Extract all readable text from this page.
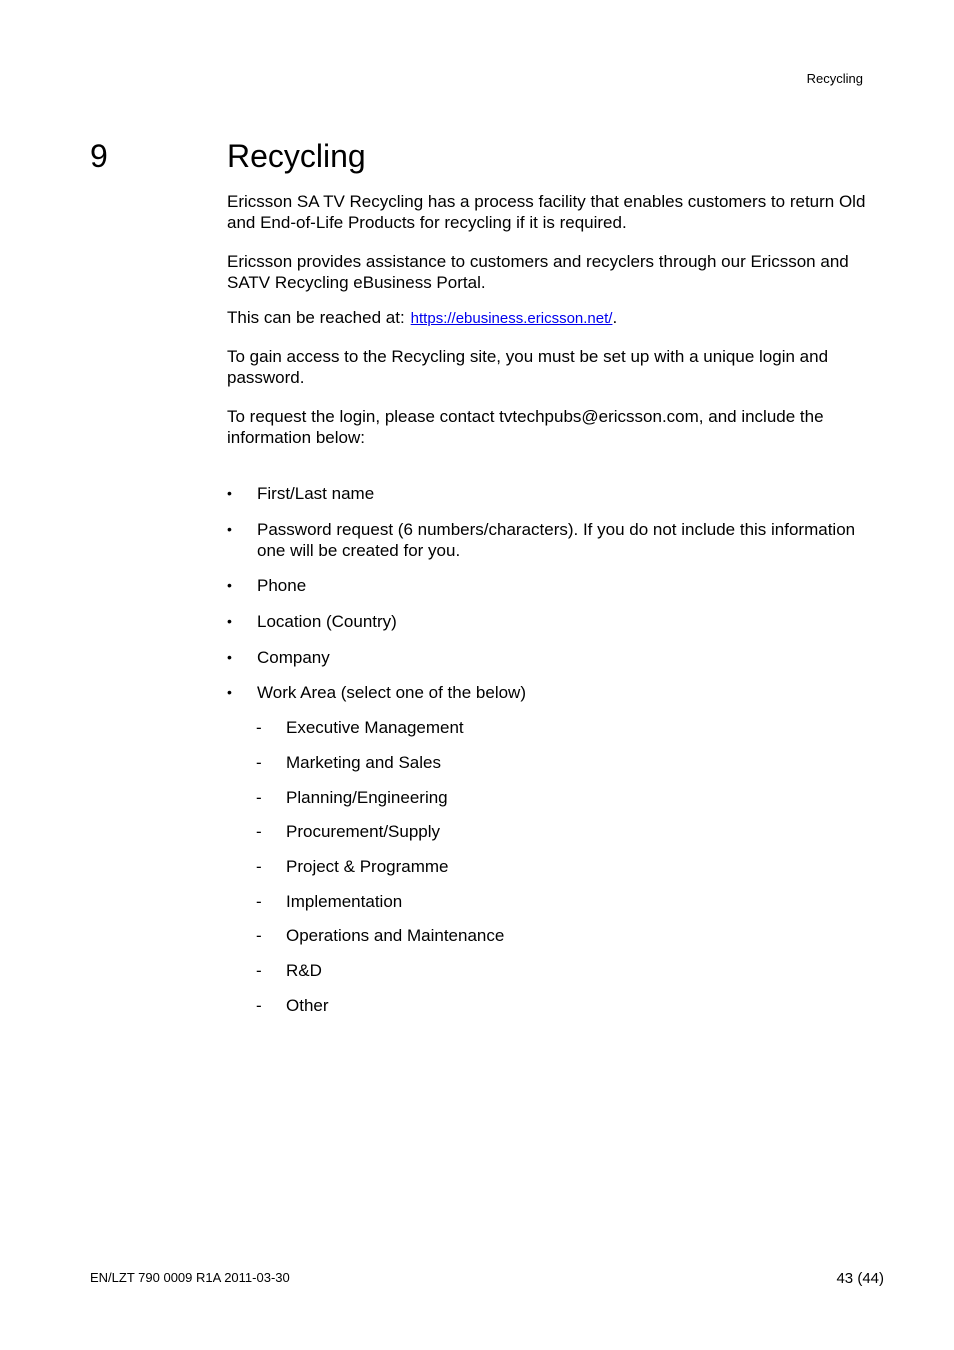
Recycling
9	Recycling

Ericsson SA TV Recycling has a process facility that enables customers to return Old and End-of-Life Products for recycling if it is required.

Ericsson provides assistance to customers and recyclers through our Ericsson and SATV Recycling eBusiness Portal.

This can be reached at: https://ebusiness.ericsson.net/.

To gain access to the Recycling site, you must be set up with a unique login and password.

To request the login, please contact tvtechpubs@ericsson.com, and include the information below:

• First/Last name
• Password request (6 numbers/characters). If you do not include this information one will be created for you.
• Phone
• Location (Country)
• Company
• Work Area (select one of the below)
- Executive Management
- Marketing and Sales
- Planning/Engineering
- Procurement/Supply
- Project & Programme
- Implementation
- Operations and Maintenance
- R&D
- Other
EN/LZT 790 0009 R1A 2011-03-30	43 (44)
